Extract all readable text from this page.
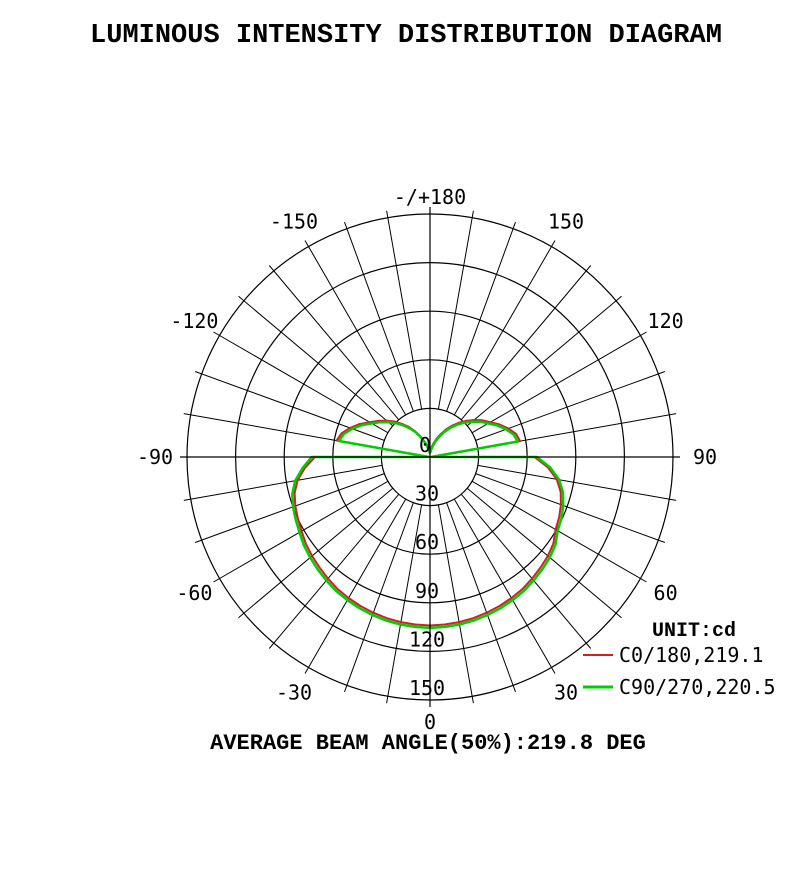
LUMINOUS INTENSITY DISTRIBUTION DIAGRAM
-/+180
-150	150
-120	120
-90	90
-60	60
-30	30
0
30
60
90
120
150
0
UNIT:cd
C0/180,219.1
C90/270,220.5
AVERAGE BEAM ANGLE(50%):219.8 DEG
